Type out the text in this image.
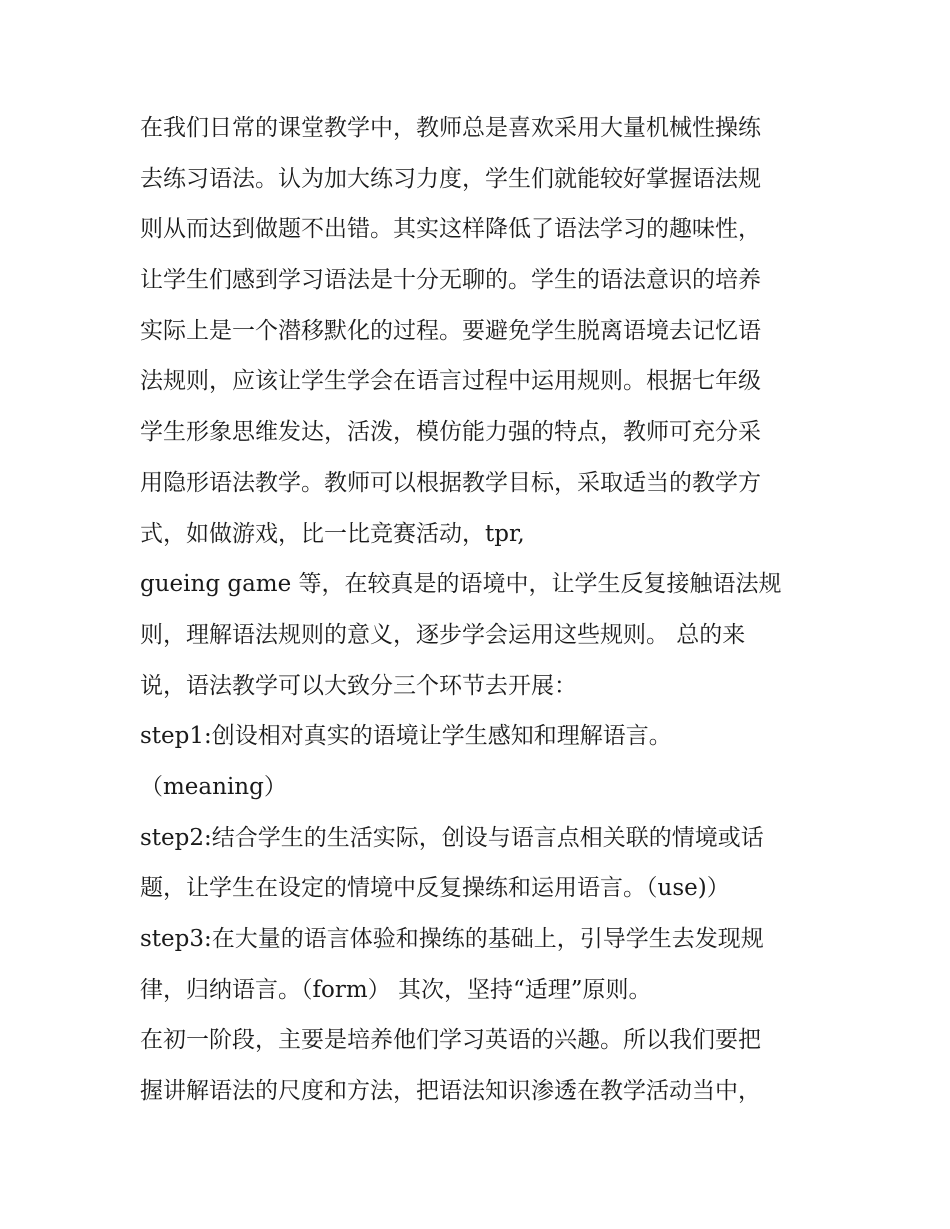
在我们日常的课堂教学中，教师总是喜欢采用大量机械性操练
去练习语法。认为加大练习力度，学生们就能较好掌握语法规
则从而达到做题不出错。其实这样降低了语法学习的趣味性，
让学生们感到学习语法是十分无聊的。学生的语法意识的培养
实际上是一个潜移默化的过程。要避免学生脱离语境去记忆语
法规则，应该让学生学会在语言过程中运用规则。根据七年级
学生形象思维发达，活泼，模仿能力强的特点，教师可充分采
用隐形语法教学。教师可以根据教学目标，采取适当的教学方
式，如做游戏，比一比竞赛活动，tpr,
gueing game 等，在较真是的语境中，让学生反复接触语法规
则，理解语法规则的意义，逐步学会运用这些规则。 总的来
说，语法教学可以大致分三个环节去开展：
step1:创设相对真实的语境让学生感知和理解语言。
（meaning）
step2:结合学生的生活实际，创设与语言点相关联的情境或话
题，让学生在设定的情境中反复操练和运用语言。（use)）
step3:在大量的语言体验和操练的基础上，引导学生去发现规
律，归纳语言。（form） 其次，坚持“适理”原则。
在初一阶段，主要是培养他们学习英语的兴趣。所以我们要把
握讲解语法的尺度和方法，把语法知识渗透在教学活动当中，
